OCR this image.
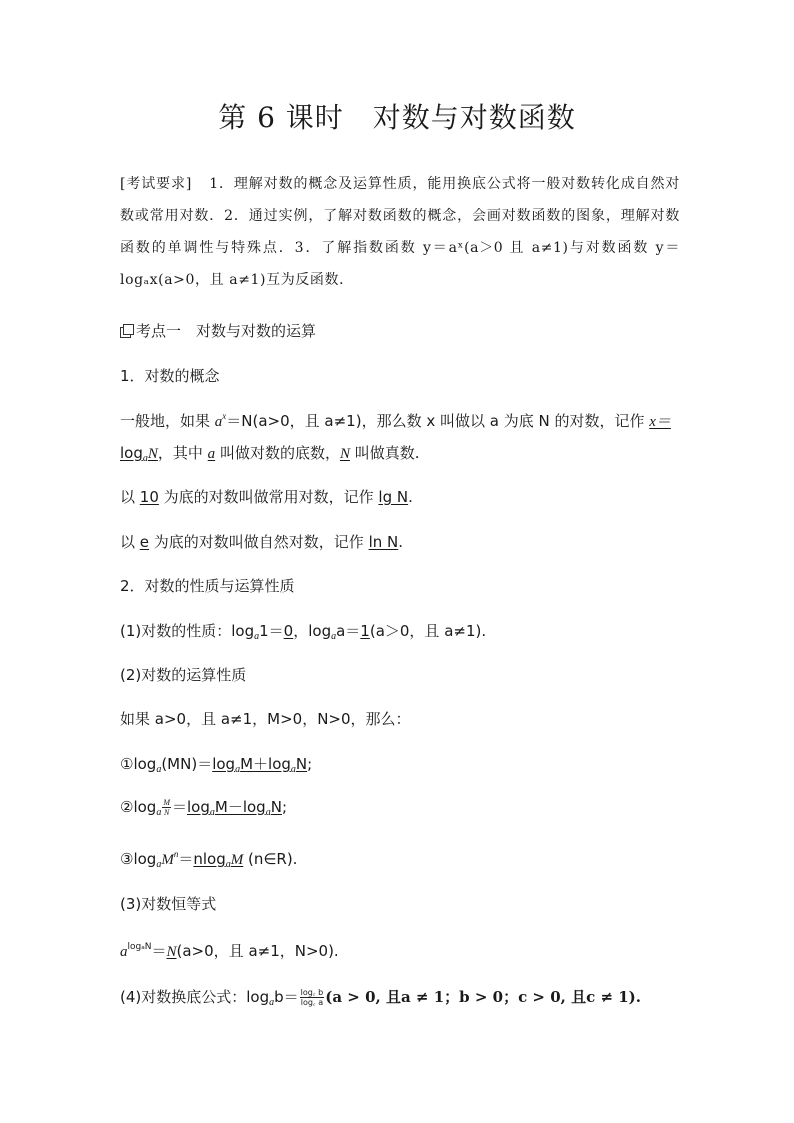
第 6 课时　对数与对数函数
[考试要求] 1．理解对数的概念及运算性质，能用换底公式将一般对数转化成自然对数或常用对数．2．通过实例，了解对数函数的概念，会画对数函数的图象，理解对数函数的单调性与特殊点．3．了解指数函数 y＝aˣ(a＞0 且 a≠1)与对数函数 y＝logₐx(a>0，且 a≠1)互为反函数．
考点一　对数与对数的运算
1．对数的概念
一般地，如果 $a^x=N(a>0$，且 a≠1)，那么数 x 叫做以 a 为底 N 的对数，记作 x＝
$\log_aN$，其中 a 叫做对数的底数，N 叫做真数.
以 10 为底的对数叫做常用对数，记作 lg N.
以 e 为底的对数叫做自然对数，记作 ln N.
2．对数的性质与运算性质
(1)对数的性质：$\log_a1=0$，$\log_aa=1(a>0$，且 a≠1).
(2)对数的运算性质
如果 a>0，且 a≠1，M>0，N>0，那么：
$①\log_a(MN)=\log_aM+\log_aN$;
$②\log_a \frac{M}{N} =\log_aM-\log_aN$;
$③\log_aM^n=nlog_aM$ (n∈R).
(3)对数恒等式
$a^{log_aN}=N(a>0$，且 a≠1，N>0).
(4)对数换底公式：$\log_ab= \frac{\log꜀ b}{\log꜀ a} (a > 0$, 且a ≠ 1；b > 0；c > 0, 且c ≠ 1).
